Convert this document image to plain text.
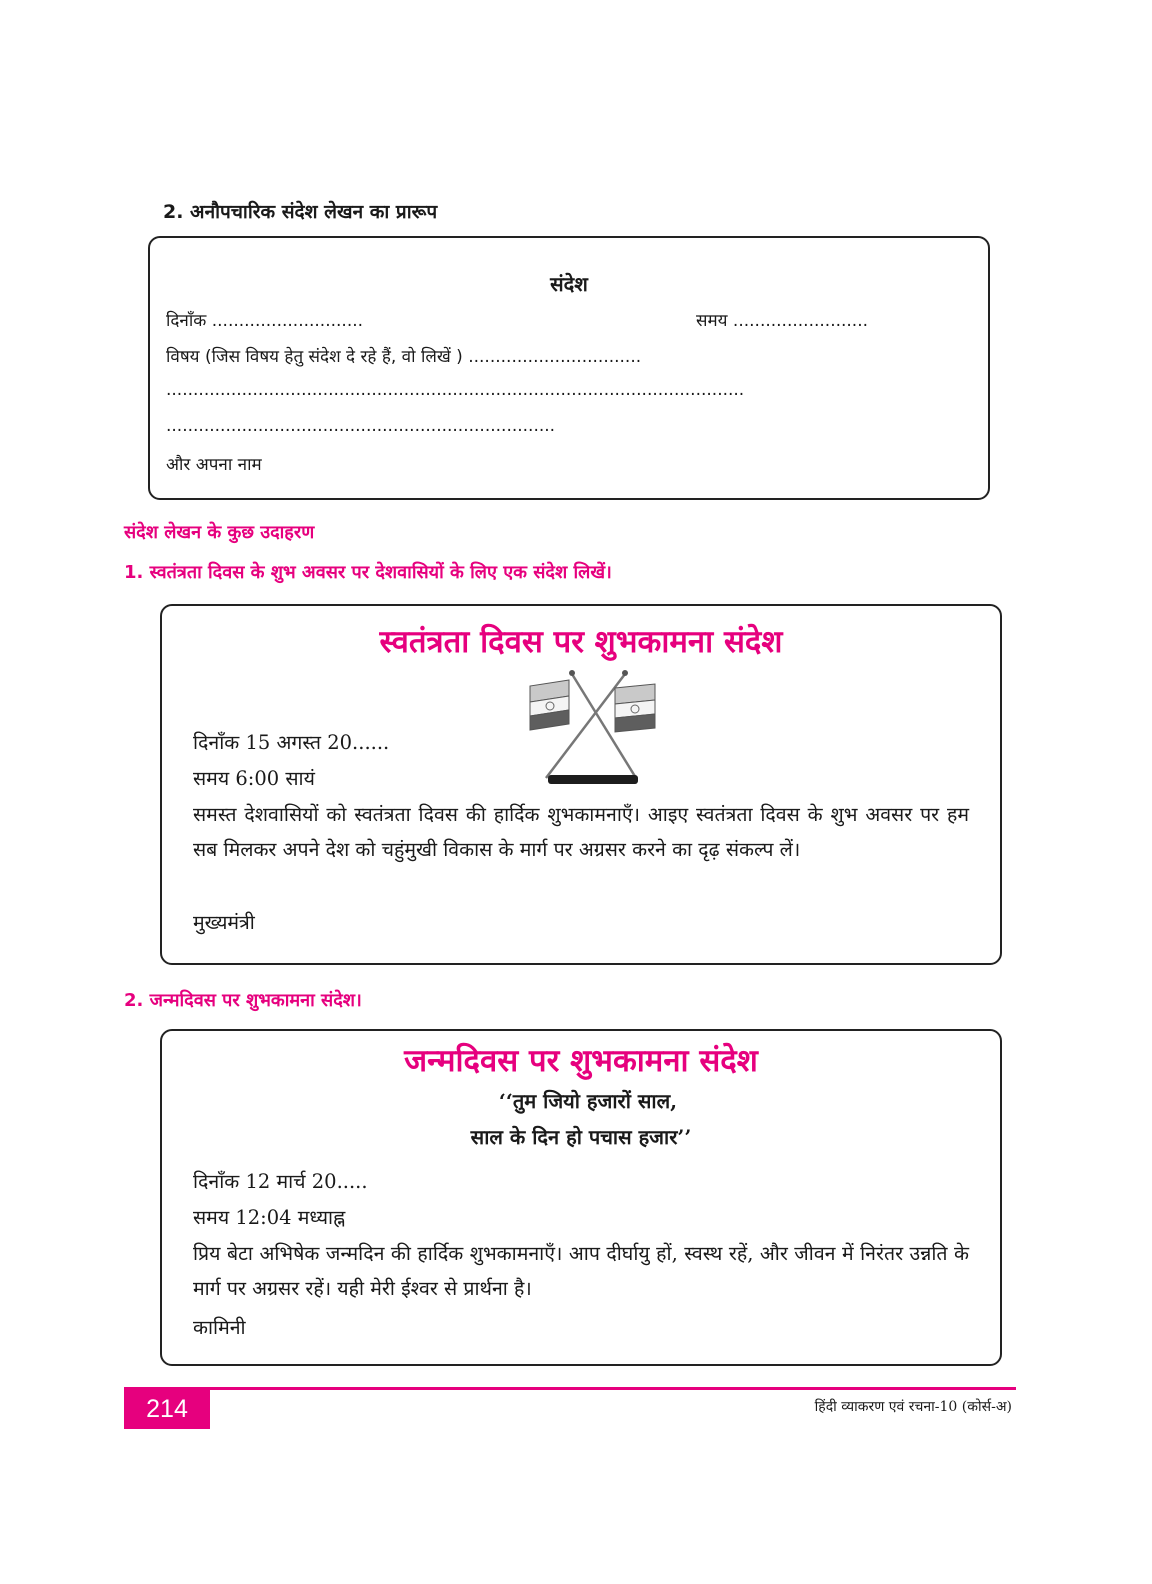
2. अनौपचारिक संदेश लेखन का प्रारूप
संदेश
दिनाँक ............................	समय .........................
विषय (जिस विषय हेतु संदेश दे रहे हैं, वो लिखें ) ................................
...........................................................................................................
........................................................................
और अपना नाम
संदेश लेखन के कुछ उदाहरण
1. स्वतंत्रता दिवस के शुभ अवसर पर देशवासियों के लिए एक संदेश लिखें।
स्वतंत्रता दिवस पर शुभकामना संदेश
दिनाँक 15 अगस्त 20......
समय 6:00 सायं
समस्त देशवासियों को स्वतंत्रता दिवस की हार्दिक शुभकामनाएँ। आइए स्वतंत्रता दिवस के शुभ अवसर पर हम सब मिलकर अपने देश को चहुंमुखी विकास के मार्ग पर अग्रसर करने का दृढ़ संकल्प लें।
मुख्यमंत्री
2. जन्मदिवस पर शुभकामना संदेश।
जन्मदिवस पर शुभकामना संदेश
‘‘तुम जियो हजारों साल,
साल के दिन हो पचास हजार’’
दिनाँक 12 मार्च 20.....
समय 12:04 मध्याह्न
प्रिय बेटा अभिषेक जन्मदिन की हार्दिक शुभकामनाएँ। आप दीर्घायु हों, स्वस्थ रहें, और जीवन में निरंतर उन्नति के मार्ग पर अग्रसर रहें। यही मेरी ईश्वर से प्रार्थना है।
कामिनी
214	हिंदी व्याकरण एवं रचना-10 (कोर्स-अ)
